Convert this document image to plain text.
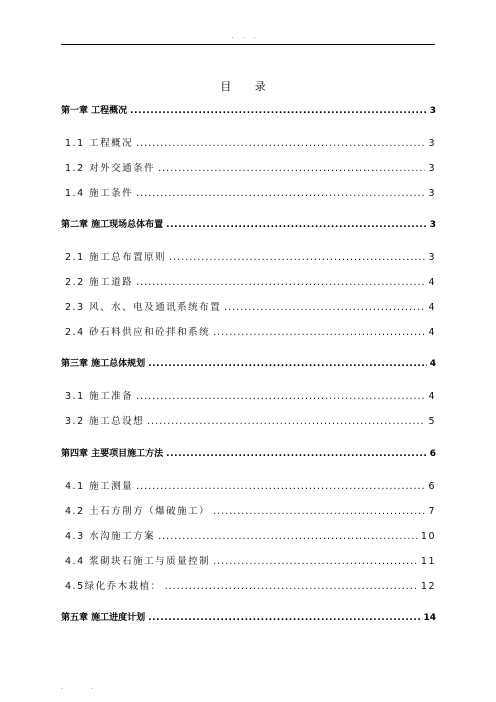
...
目 录
第一章 工程概况 .....	3
1.1 工程概况 .....	3
1.2 对外交通条件 .....	3
1.4 施工条件 .....	3
第二章 施工现场总体布置 .....	3
2.1 施工总布置原则 .....	3
2.2 施工道路 .....	4
2.3 风、水、电及通讯系统布置 .....	4
2.4 砂石料供应和砼拌和系统 .....	4
第三章 施工总体规划 .....	4
3.1 施工准备 .....	4
3.2 施工总设想 .....	5
第四章 主要项目施工方法 .....	6
4.1 施工测量 .....	6
4.2 土石方削方（爆破施工） .....	7
4.3 水沟施工方案 .....	10
4.4 浆砌块石施工与质量控制 .....	11
4.5绿化乔木栽植： .....	12
第五章 施工进度计划 .....	14
..
